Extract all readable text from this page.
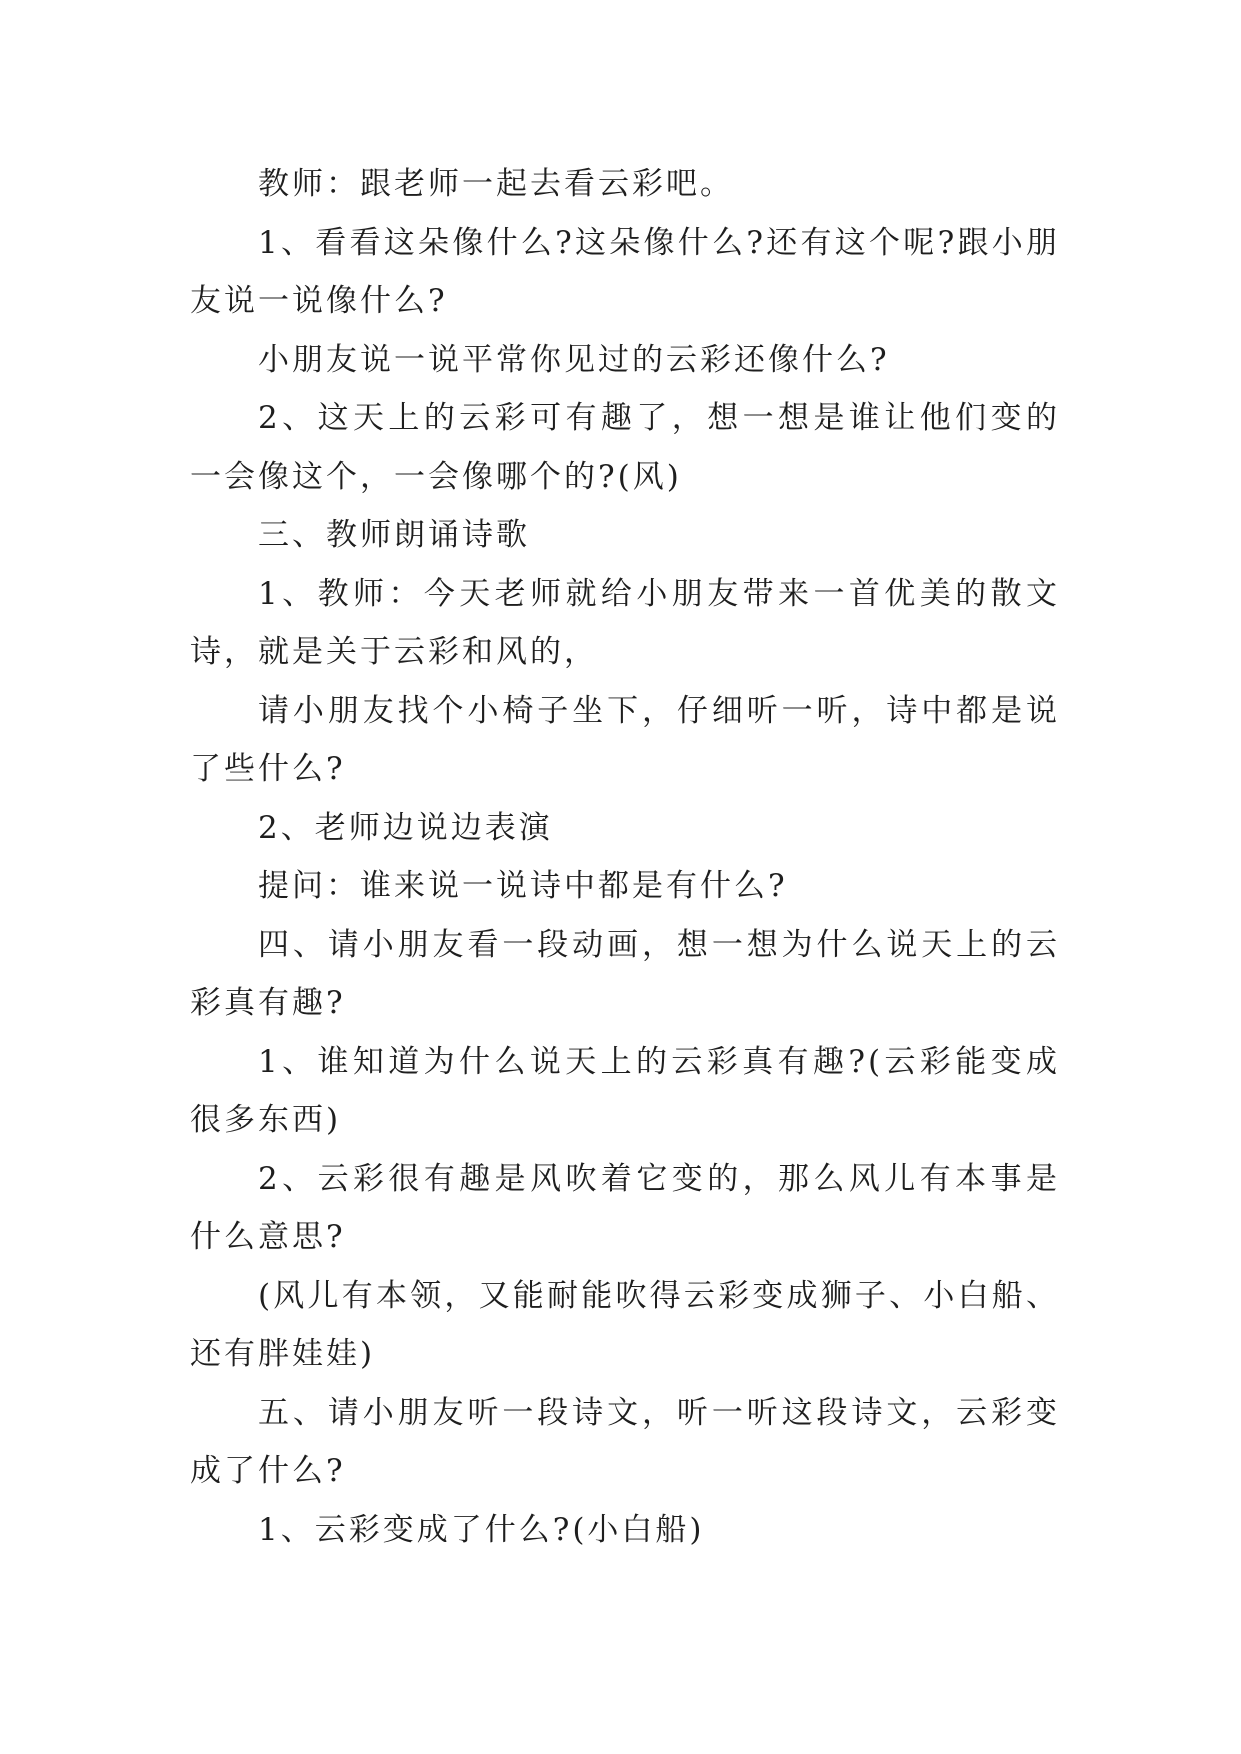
教师：跟老师一起去看云彩吧。

1、看看这朵像什么?这朵像什么?还有这个呢?跟小朋友说一说像什么?

小朋友说一说平常你见过的云彩还像什么?

2、这天上的云彩可有趣了，想一想是谁让他们变的一会像这个，一会像哪个的?(风)

三、教师朗诵诗歌

1、教师：今天老师就给小朋友带来一首优美的散文诗，就是关于云彩和风的，

请小朋友找个小椅子坐下，仔细听一听，诗中都是说了些什么?

2、老师边说边表演

提问：谁来说一说诗中都是有什么?

四、请小朋友看一段动画，想一想为什么说天上的云彩真有趣?

1、谁知道为什么说天上的云彩真有趣?(云彩能变成很多东西)

2、云彩很有趣是风吹着它变的，那么风儿有本事是什么意思?

(风儿有本领，又能耐能吹得云彩变成狮子、小白船、还有胖娃娃)

五、请小朋友听一段诗文，听一听这段诗文，云彩变成了什么?

1、云彩变成了什么?(小白船)
